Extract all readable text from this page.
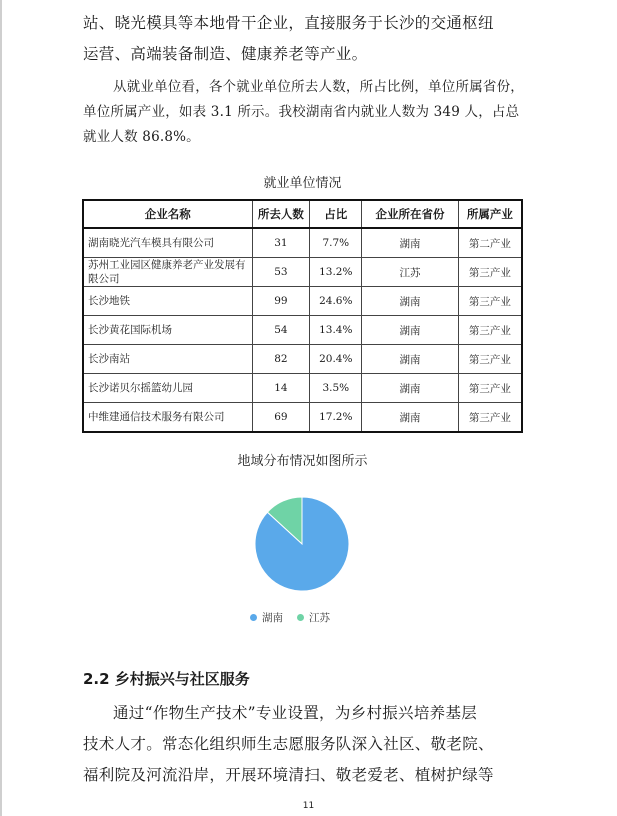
站、晓光模具等本地骨干企业，直接服务于长沙的交通枢纽
运营、高端装备制造、健康养老等产业。

从就业单位看，各个就业单位所去人数，所占比例，单位所属省份，
单位所属产业，如表 3.1 所示。我校湖南省内就业人数为 349 人，占总
就业人数 86.8%。

就业单位情况
企业名称	所去人数	占比	企业所在省份	所属产业
湖南晓光汽车模具有限公司	31	7.7%	湖南	第二产业
苏州工业园区健康养老产业发展有限公司	53	13.2%	江苏	第三产业
长沙地铁	99	24.6%	湖南	第三产业
长沙黄花国际机场	54	13.4%	湖南	第三产业
长沙南站	82	20.4%	湖南	第三产业
长沙诺贝尔摇篮幼儿园	14	3.5%	湖南	第三产业
中维建通信技术服务有限公司	69	17.2%	湖南	第三产业
地域分布情况如图所示
湖南 江苏
2.2 乡村振兴与社区服务

通过“作物生产技术”专业设置，为乡村振兴培养基层
技术人才。常态化组织师生志愿服务队深入社区、敬老院、
福利院及河流沿岸，开展环境清扫、敬老爱老、植树护绿等

11
